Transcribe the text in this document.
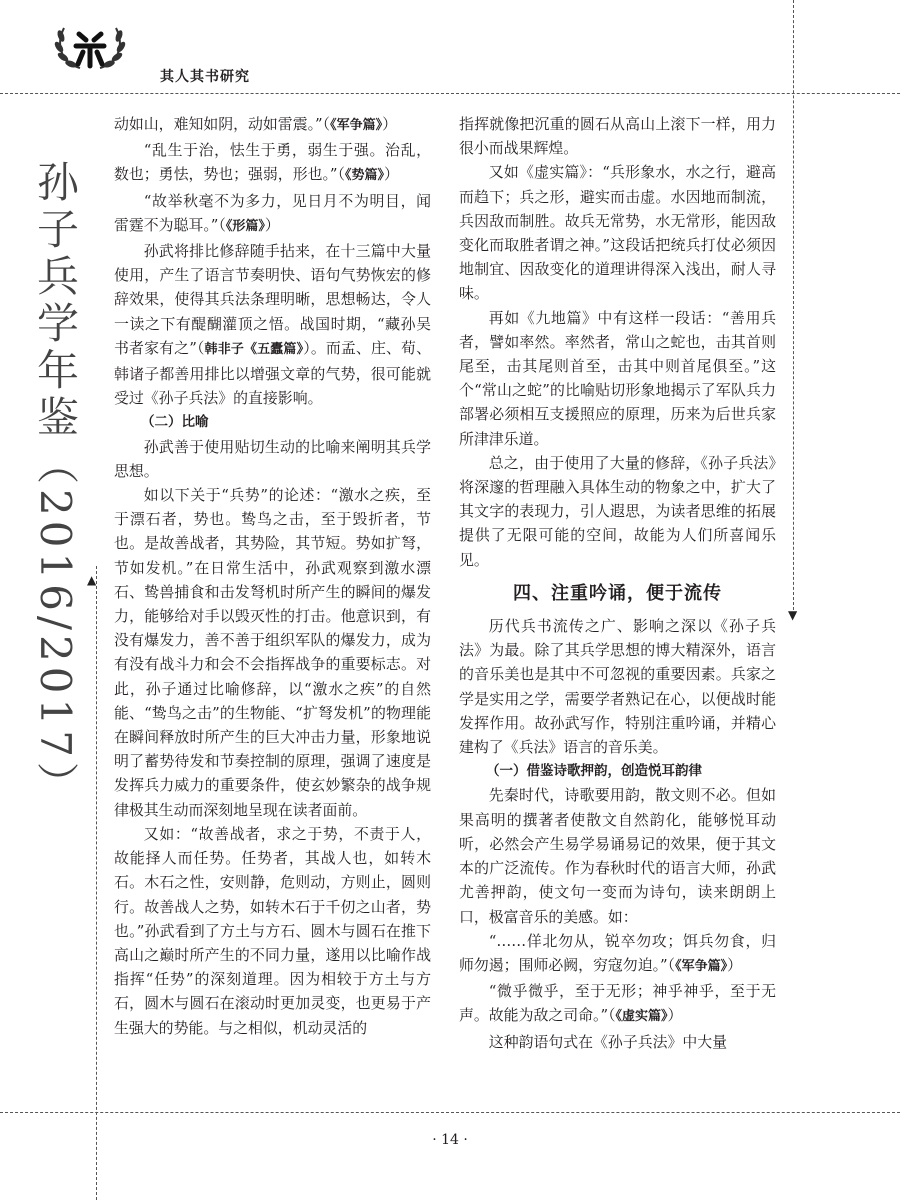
其人其书研究

▲
▼
孙子兵学年鉴（2016/2017）

动如山，难知如阴，动如雷震。”（《军争篇》）

“乱生于治，怯生于勇，弱生于强。治乱，数也；勇怯，势也；强弱，形也。”（《势篇》）

“故举秋毫不为多力，见日月不为明目，闻雷霆不为聪耳。”（《形篇》）

孙武将排比修辞随手拈来，在十三篇中大量使用，产生了语言节奏明快、语句气势恢宏的修辞效果，使得其兵法条理明晰，思想畅达，令人一读之下有醍醐灌顶之悟。战国时期，“藏孙吴书者家有之”（韩非子《五蠹篇》）。而孟、庄、荀、韩诸子都善用排比以增强文章的气势，很可能就受过《孙子兵法》的直接影响。

（二）比喻

孙武善于使用贴切生动的比喻来阐明其兵学思想。

如以下关于“兵势”的论述：“激水之疾，至于漂石者，势也。鸷鸟之击，至于毁折者，节也。是故善战者，其势险，其节短。势如扩弩，节如发机。”在日常生活中，孙武观察到激水漂石、鸷兽捕食和击发弩机时所产生的瞬间的爆发力，能够给对手以毁灭性的打击。他意识到，有没有爆发力，善不善于组织军队的爆发力，成为有没有战斗力和会不会指挥战争的重要标志。对此，孙子通过比喻修辞，以“激水之疾”的自然能、“鸷鸟之击”的生物能、“扩弩发机”的物理能在瞬间释放时所产生的巨大冲击力量，形象地说明了蓄势待发和节奏控制的原理，强调了速度是发挥兵力威力的重要条件，使玄妙繁杂的战争规律极其生动而深刻地呈现在读者面前。

又如：“故善战者，求之于势，不责于人，故能择人而任势。任势者，其战人也，如转木石。木石之性，安则静，危则动，方则止，圆则行。故善战人之势，如转木石于千仞之山者，势也。”孙武看到了方土与方石、圆木与圆石在推下高山之巅时所产生的不同力量，遂用以比喻作战指挥“任势”的深刻道理。因为相较于方土与方石，圆木与圆石在滚动时更加灵变，也更易于产生强大的势能。与之相似，机动灵活的

指挥就像把沉重的圆石从高山上滚下一样，用力很小而战果辉煌。

又如《虚实篇》：“兵形象水，水之行，避高而趋下；兵之形，避实而击虚。水因地而制流，兵因敌而制胜。故兵无常势，水无常形，能因敌变化而取胜者谓之神。”这段话把统兵打仗必须因地制宜、因敌变化的道理讲得深入浅出，耐人寻味。

再如《九地篇》中有这样一段话：“善用兵者，譬如率然。率然者，常山之蛇也，击其首则尾至，击其尾则首至，击其中则首尾俱至。”这个“常山之蛇”的比喻贴切形象地揭示了军队兵力部署必须相互支援照应的原理，历来为后世兵家所津津乐道。

总之，由于使用了大量的修辞，《孙子兵法》将深邃的哲理融入具体生动的物象之中，扩大了其文字的表现力，引人遐思，为读者思维的拓展提供了无限可能的空间，故能为人们所喜闻乐见。

四、注重吟诵，便于流传

历代兵书流传之广、影响之深以《孙子兵法》为最。除了其兵学思想的博大精深外，语言的音乐美也是其中不可忽视的重要因素。兵家之学是实用之学，需要学者熟记在心，以便战时能发挥作用。故孙武写作，特别注重吟诵，并精心建构了《兵法》语言的音乐美。

（一）借鉴诗歌押韵，创造悦耳韵律

先秦时代，诗歌要用韵，散文则不必。但如果高明的撰著者使散文自然韵化，能够悦耳动听，必然会产生易学易诵易记的效果，便于其文本的广泛流传。作为春秋时代的语言大师，孙武尤善押韵，使文句一变而为诗句，读来朗朗上口，极富音乐的美感。如：

“……佯北勿从，锐卒勿攻；饵兵勿食，归师勿遏；围师必阙，穷寇勿迫。”（《军争篇》）

“微乎微乎，至于无形；神乎神乎，至于无声。故能为敌之司命。”（《虚实篇》）

这种韵语句式在《孙子兵法》中大量

· 14 ·
